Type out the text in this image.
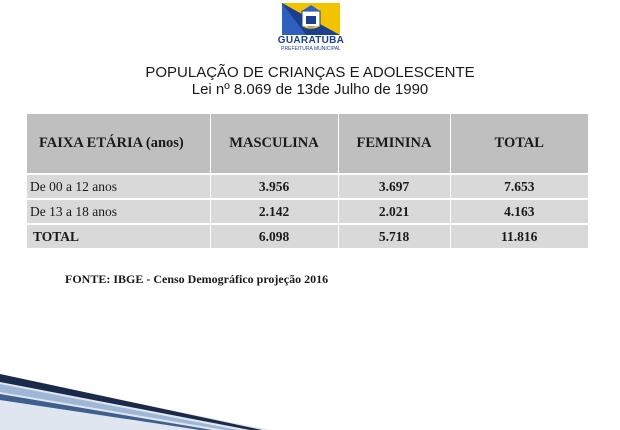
GUARATUBA
PREFEITURA MUNICIPAL
POPULAÇÃO DE CRIANÇAS E ADOLESCENTE
Lei nº 8.069 de 13de Julho de 1990
FAIXA ETÁRIA (anos)	MASCULINA	FEMININA	TOTAL
De 00 a 12 anos	3.956	3.697	7.653
De 13 a 18 anos	2.142	2.021	4.163
TOTAL	6.098	5.718	11.816
FONTE: IBGE - Censo Demográfico projeção 2016
